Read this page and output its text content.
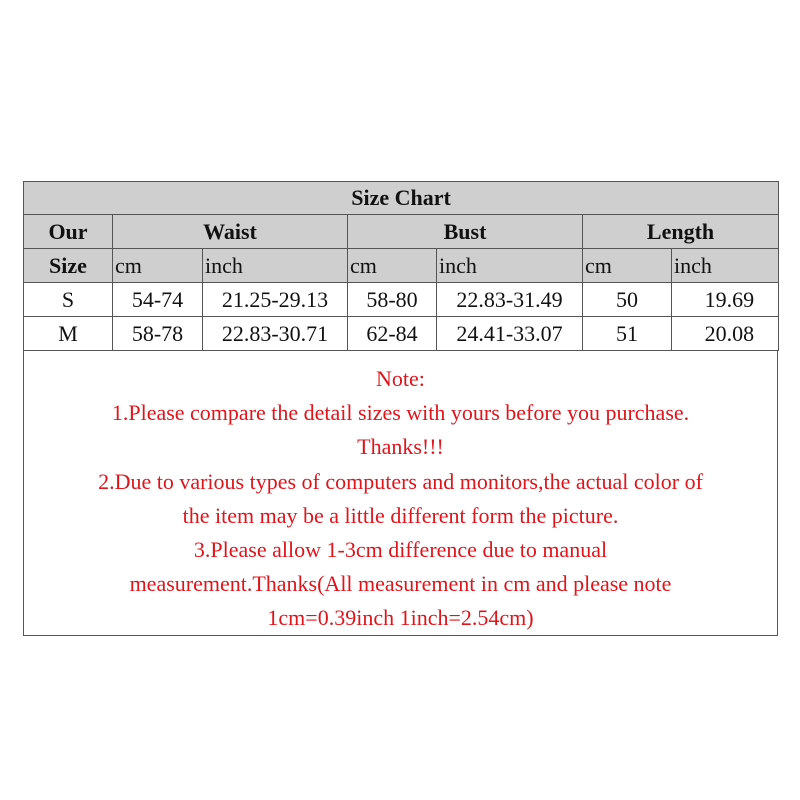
Size Chart						
Our	Waist		Bust		Length	
Size	cm	inch	cm	inch	cm	inch
S	54-74	21.25-29.13	58-80	22.83-31.49	50	19.69
M	58-78	22.83-30.71	62-84	24.41-33.07	51	20.08
Note:
1.Please compare the detail sizes with yours before you purchase.
Thanks!!!
2.Due to various types of computers and monitors,the actual color of
the item may be a little different form the picture.
3.Please allow 1-3cm difference due to manual
measurement.Thanks(All measurement in cm and please note
1cm=0.39inch 1inch=2.54cm)
